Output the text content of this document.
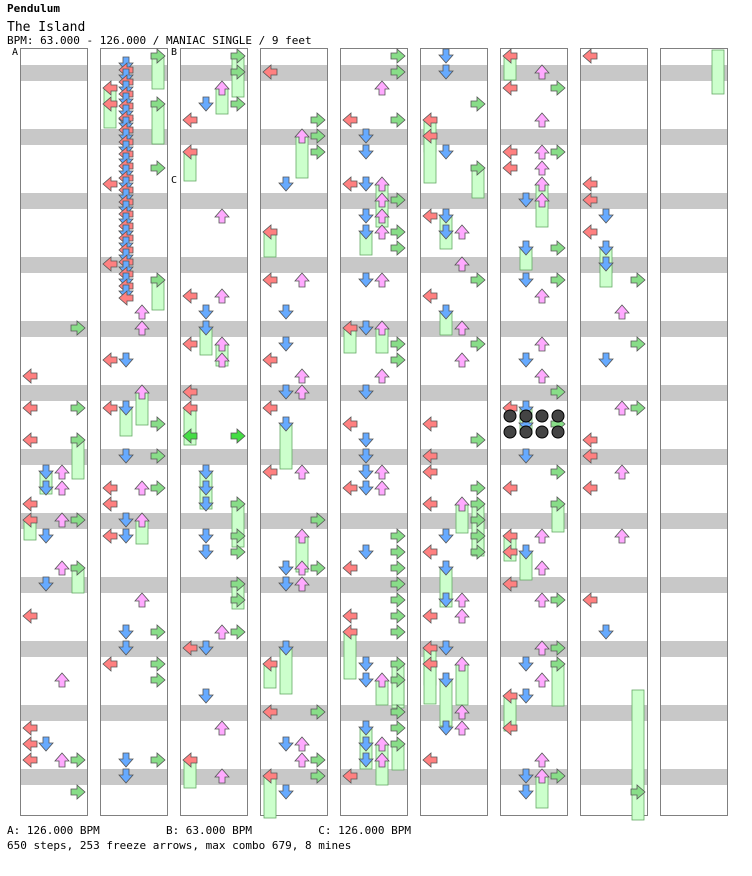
Pendulum
The Island
BPM: 63.000 - 126.000 / MANIAC SINGLE / 9 feet
A	B
C
A: 126.000 BPM          B: 63.000 BPM          C: 126.000 BPM
650 steps, 253 freeze arrows, max combo 679, 8 mines
